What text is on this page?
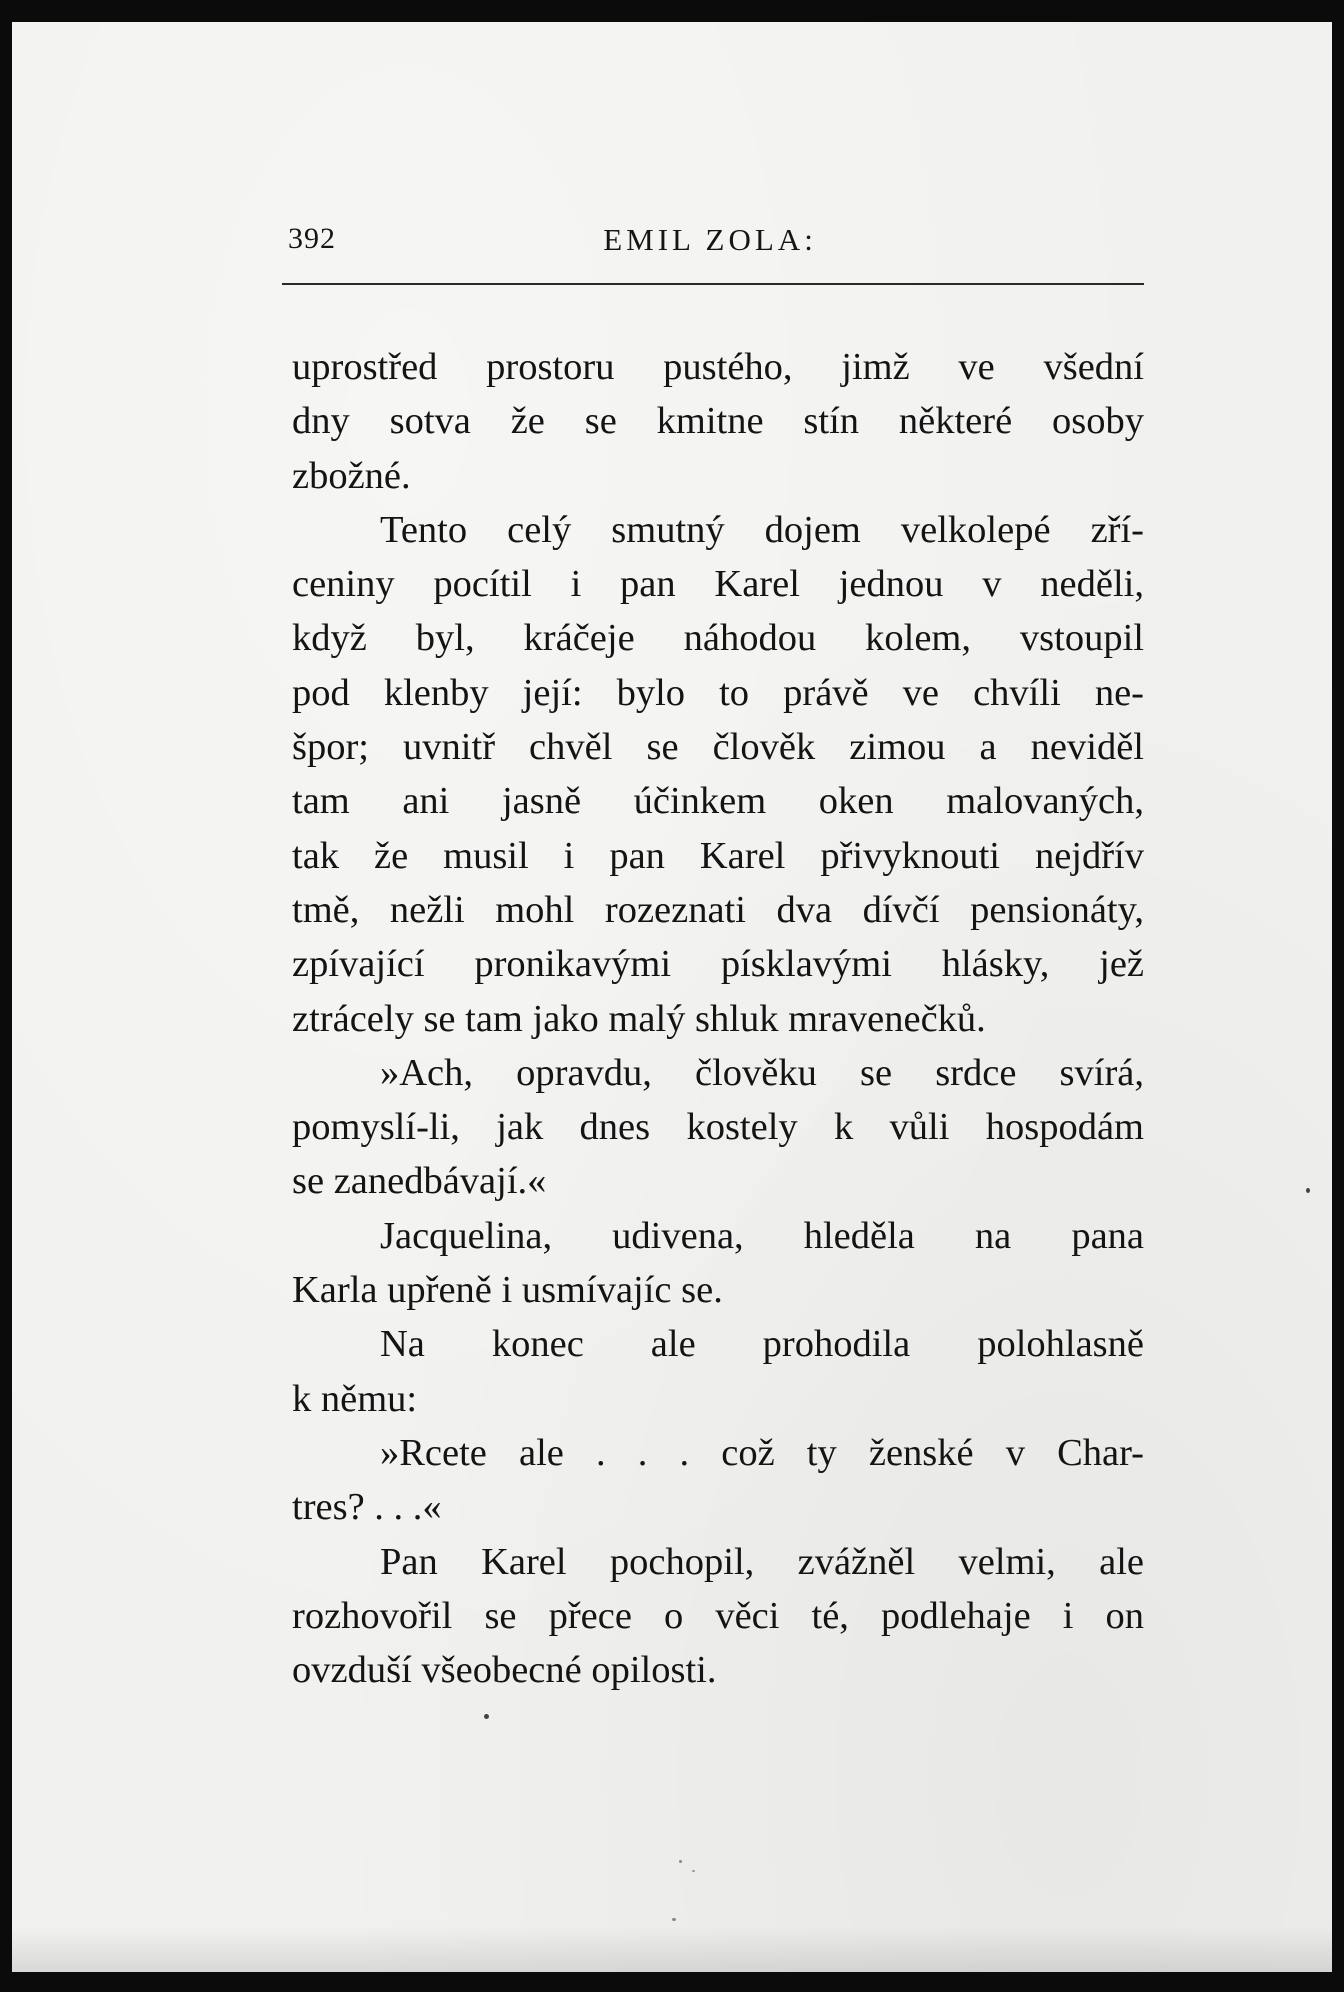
392	EMIL ZOLA:

uprostřed prostoru pustého, jimž ve všední
dny sotva že se kmitne stín některé osoby
zbožné.

Tento celý smutný dojem velkolepé zří-
ceniny pocítil i pan Karel jednou v neděli,
když byl, kráčeje náhodou kolem, vstoupil
pod klenby její: bylo to právě ve chvíli ne-
špor; uvnitř chvěl se člověk zimou a neviděl
tam ani jasně účinkem oken malovaných,
tak že musil i pan Karel přivyknouti nejdřív
tmě, nežli mohl rozeznati dva dívčí pensionáty,
zpívající pronikavými písklavými hlásky, jež
ztrácely se tam jako malý shluk mravenečků.

»Ach, opravdu, člověku se srdce svírá,
pomyslí-li, jak dnes kostely k vůli hospodám
se zanedbávají.«

Jacquelina, udivena, hleděla na pana
Karla upřeně i usmívajíc se.

Na konec ale prohodila polohlasně
k němu:

»Rcete ale . . . což ty ženské v Char-
tres? . . .«

Pan Karel pochopil, zvážněl velmi, ale
rozhovořil se přece o věci té, podlehaje i on
ovzduší všeobecné opilosti.
